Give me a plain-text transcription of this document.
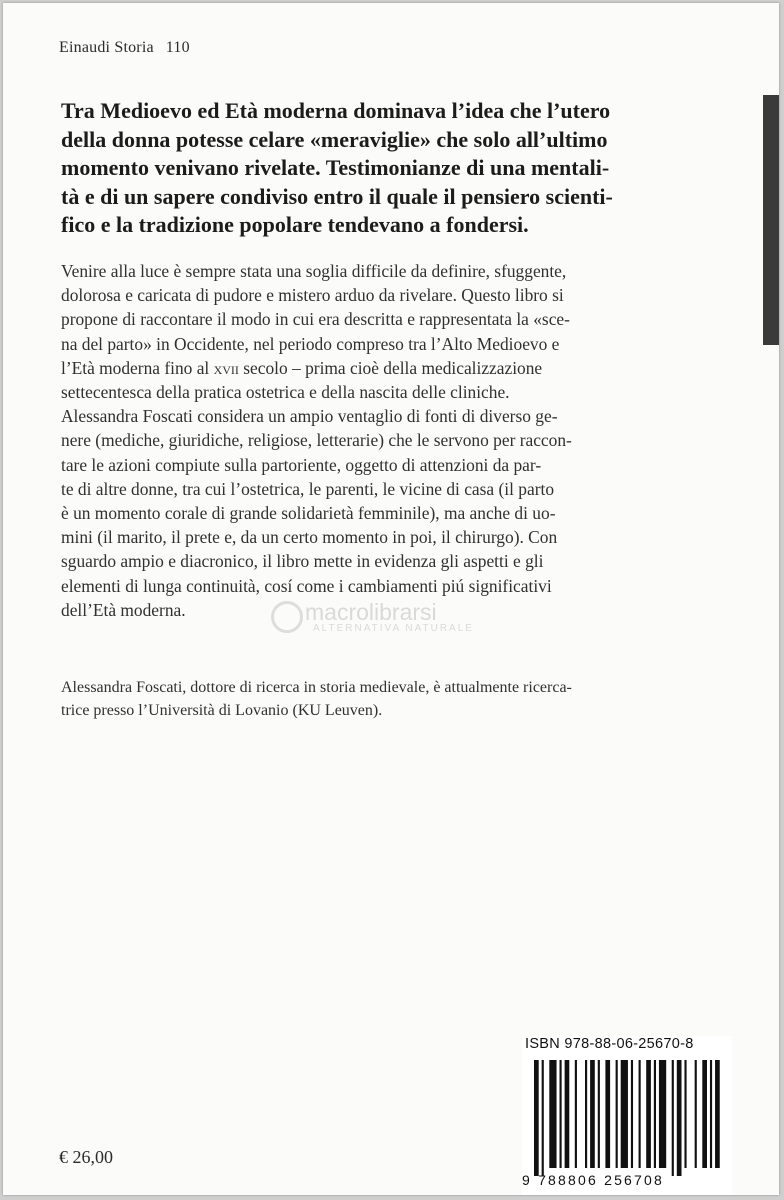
Einaudi Storia 110
Tra Medioevo ed Età moderna dominava l’idea che l’utero
della donna potesse celare «meraviglie» che solo all’ultimo
momento venivano rivelate. Testimonianze di una mentali-
tà e di un sapere condiviso entro il quale il pensiero scienti-
fico e la tradizione popolare tendevano a fondersi.
Venire alla luce è sempre stata una soglia difficile da definire, sfuggente,
dolorosa e caricata di pudore e mistero arduo da rivelare. Questo libro si
propone di raccontare il modo in cui era descritta e rappresentata la «sce-
na del parto» in Occidente, nel periodo compreso tra l’Alto Medioevo e
l’Età moderna fino al xvii secolo – prima cioè della medicalizzazione
settecentesca della pratica ostetrica e della nascita delle cliniche.
Alessandra Foscati considera un ampio ventaglio di fonti di diverso ge-
nere (mediche, giuridiche, religiose, letterarie) che le servono per raccon-
tare le azioni compiute sulla partoriente, oggetto di attenzioni da par-
te di altre donne, tra cui l’ostetrica, le parenti, le vicine di casa (il parto
è un momento corale di grande solidarietà femminile), ma anche di uo-
mini (il marito, il prete e, da un certo momento in poi, il chirurgo). Con
sguardo ampio e diacronico, il libro mette in evidenza gli aspetti e gli
elementi di lunga continuità, cosí come i cambiamenti piú significativi
dell’Età moderna.	macrolibrarsi
ALTERNATIVA NATURALE
Alessandra Foscati, dottore di ricerca in storia medievale, è attualmente ricerca-
trice presso l’Università di Lovanio (KU Leuven).
ISBN 978-88-06-25670-8
9 788806 256708
€ 26,00
